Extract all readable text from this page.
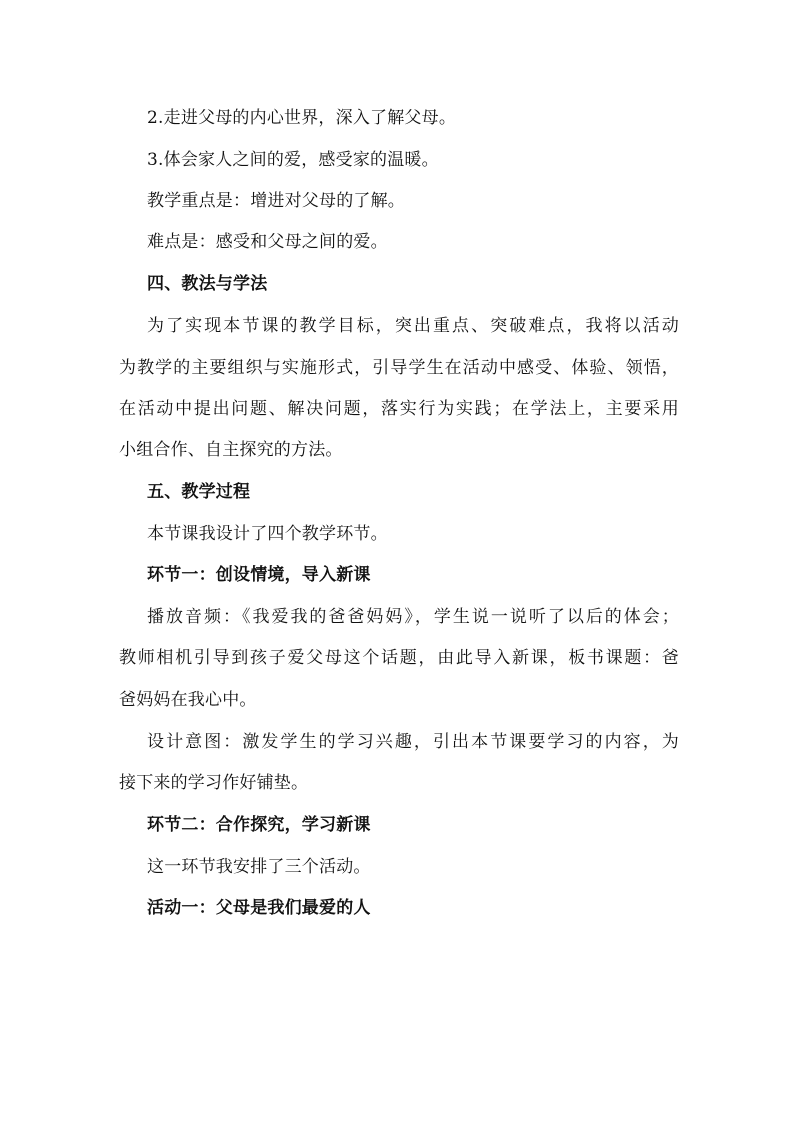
2.走进父母的内心世界，深入了解父母。
3.体会家人之间的爱，感受家的温暖。
教学重点是：增进对父母的了解。
难点是：感受和父母之间的爱。
四、教法与学法
为了实现本节课的教学目标，突出重点、突破难点，我将以活动
为教学的主要组织与实施形式，引导学生在活动中感受、体验、领悟，
在活动中提出问题、解决问题，落实行为实践；在学法上，主要采用
小组合作、自主探究的方法。
五、教学过程
本节课我设计了四个教学环节。
环节一：创设情境，导入新课
播放音频：《我爱我的爸爸妈妈》，学生说一说听了以后的体会；
教师相机引导到孩子爱父母这个话题，由此导入新课，板书课题：爸
爸妈妈在我心中。
设计意图：激发学生的学习兴趣，引出本节课要学习的内容，为
接下来的学习作好铺垫。
环节二：合作探究，学习新课
这一环节我安排了三个活动。
活动一：父母是我们最爱的人
